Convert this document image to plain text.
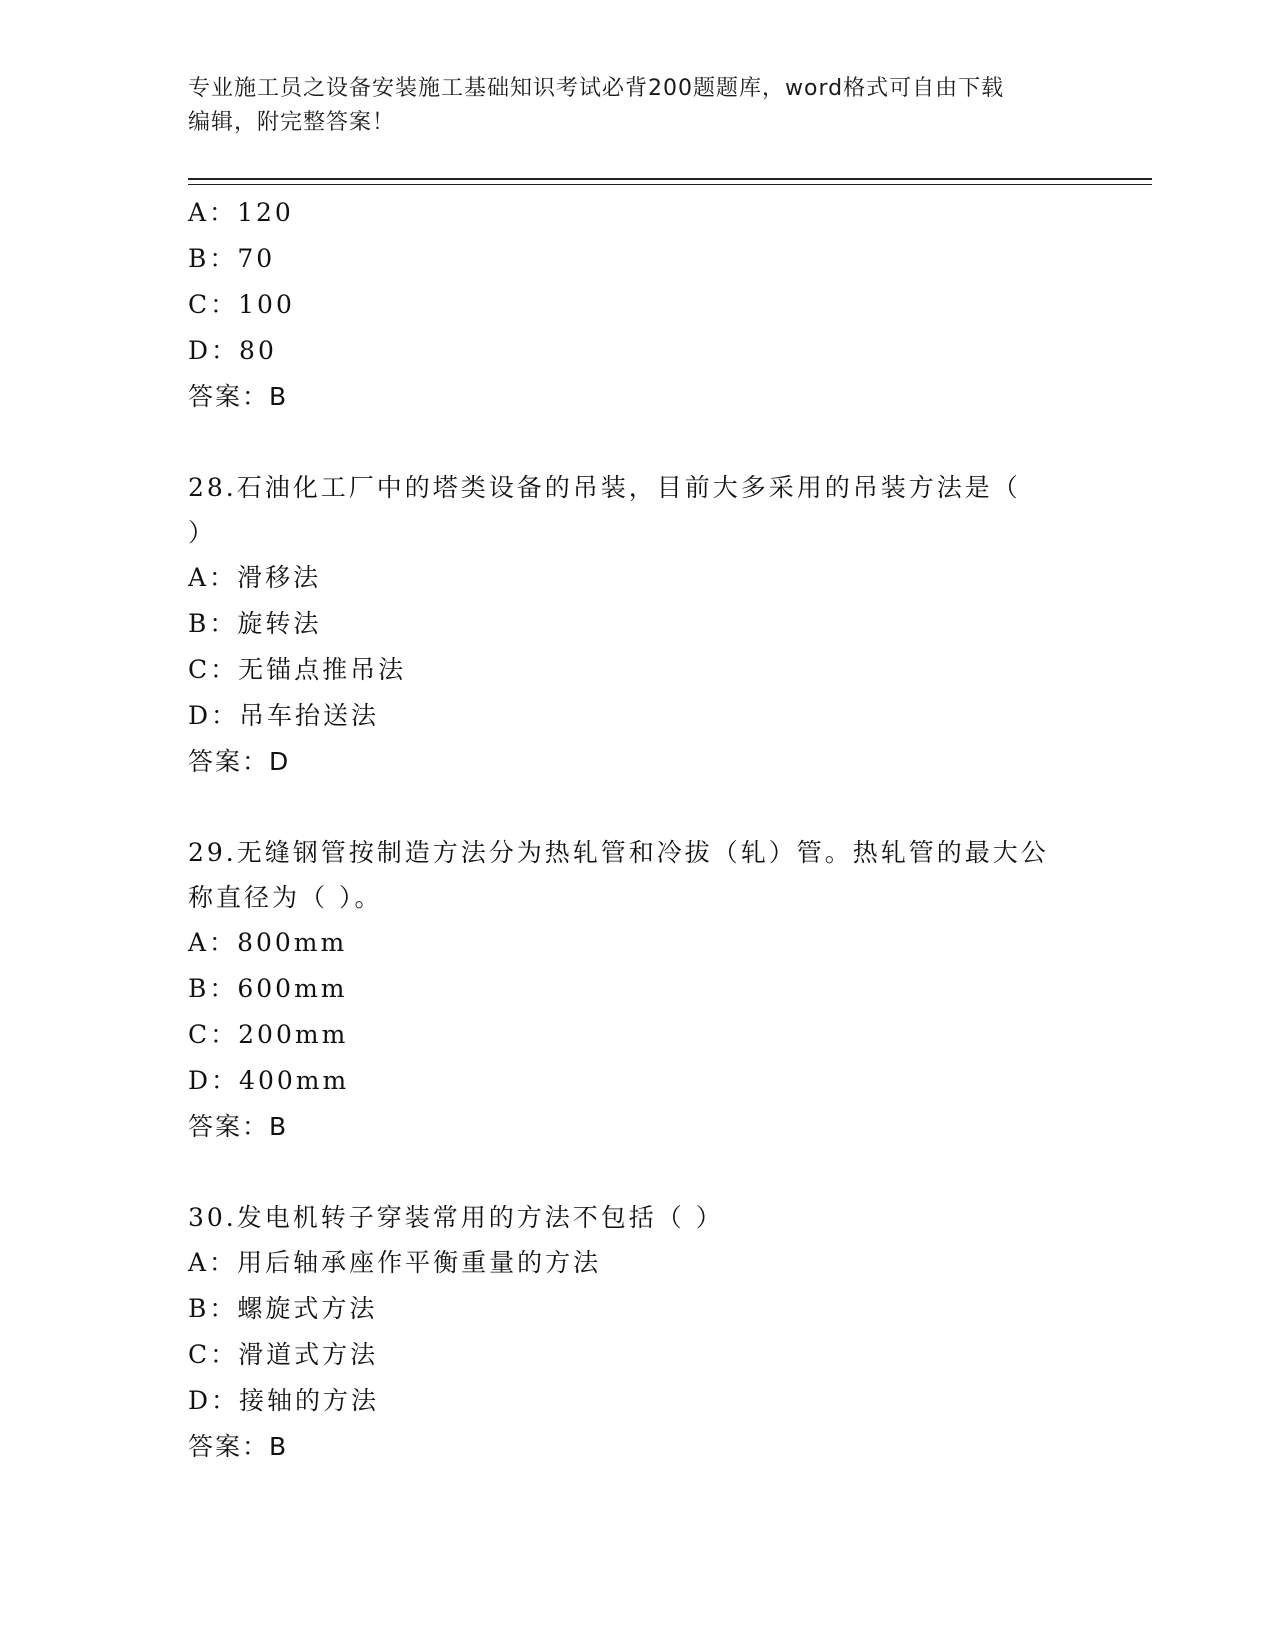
专业施工员之设备安装施工基础知识考试必背200题题库，word格式可自由下载
编辑，附完整答案！
A：120
B：70
C：100
D：80
答案：B
28.石油化工厂中的塔类设备的吊装，目前大多采用的吊装方法是（
）
A：滑移法
B：旋转法
C：无锚点推吊法
D：吊车抬送法
答案：D
29.无缝钢管按制造方法分为热轧管和冷拔（轧）管。热轧管的最大公
称直径为（ ）。
A：800mm
B：600mm
C：200mm
D：400mm
答案：B
30.发电机转子穿装常用的方法不包括（ ）
A：用后轴承座作平衡重量的方法
B：螺旋式方法
C：滑道式方法
D：接轴的方法
答案：B
